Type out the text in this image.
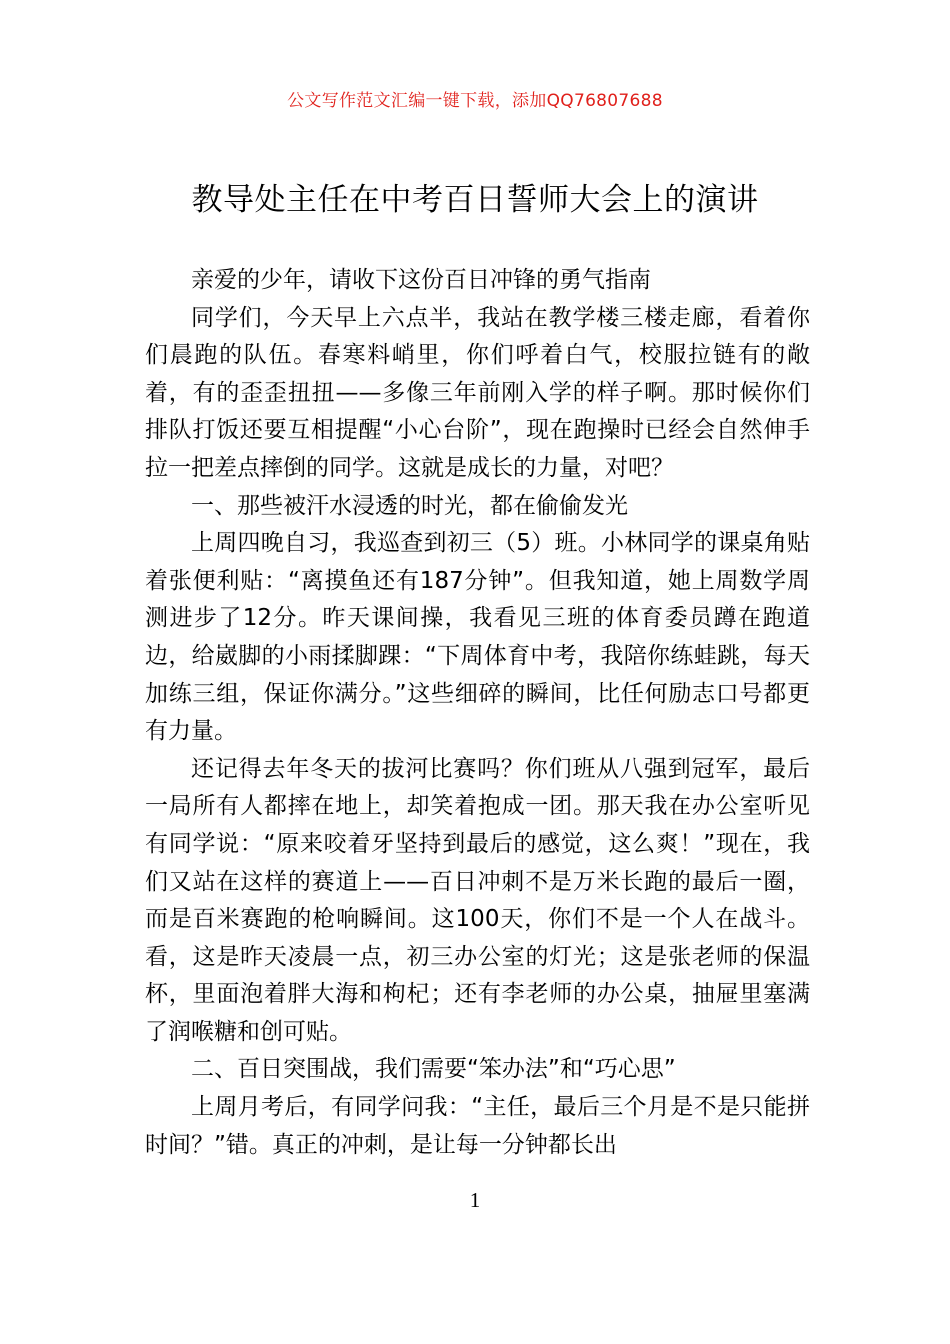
公文写作范文汇编一键下载，添加QQ76807688
教导处主任在中考百日誓师大会上的演讲

亲爱的少年，请收下这份百日冲锋的勇气指南

同学们，今天早上六点半，我站在教学楼三楼走廊，看着你们晨跑的队伍。春寒料峭里，你们呼着白气，校服拉链有的敞着，有的歪歪扭扭——多像三年前刚入学的样子啊。那时候你们排队打饭还要互相提醒“小心台阶”，现在跑操时已经会自然伸手拉一把差点摔倒的同学。这就是成长的力量，对吧？

一、那些被汗水浸透的时光，都在偷偷发光

上周四晚自习，我巡查到初三（5）班。小林同学的课桌角贴着张便利贴：“离摸鱼还有187分钟”。但我知道，她上周数学周测进步了12分。昨天课间操，我看见三班的体育委员蹲在跑道边，给崴脚的小雨揉脚踝：“下周体育中考，我陪你练蛙跳，每天加练三组，保证你满分。”这些细碎的瞬间，比任何励志口号都更有力量。

还记得去年冬天的拔河比赛吗？你们班从八强到冠军，最后一局所有人都摔在地上，却笑着抱成一团。那天我在办公室听见有同学说：“原来咬着牙坚持到最后的感觉，这么爽！”现在，我们又站在这样的赛道上——百日冲刺不是万米长跑的最后一圈，而是百米赛跑的枪响瞬间。这100天，你们不是一个人在战斗。看，这是昨天凌晨一点，初三办公室的灯光；这是张老师的保温杯，里面泡着胖大海和枸杞；还有李老师的办公桌，抽屉里塞满了润喉糖和创可贴。

二、百日突围战，我们需要“笨办法”和“巧心思”

上周月考后，有同学问我：“主任，最后三个月是不是只能拼时间？”错。真正的冲刺，是让每一分钟都长出

1
